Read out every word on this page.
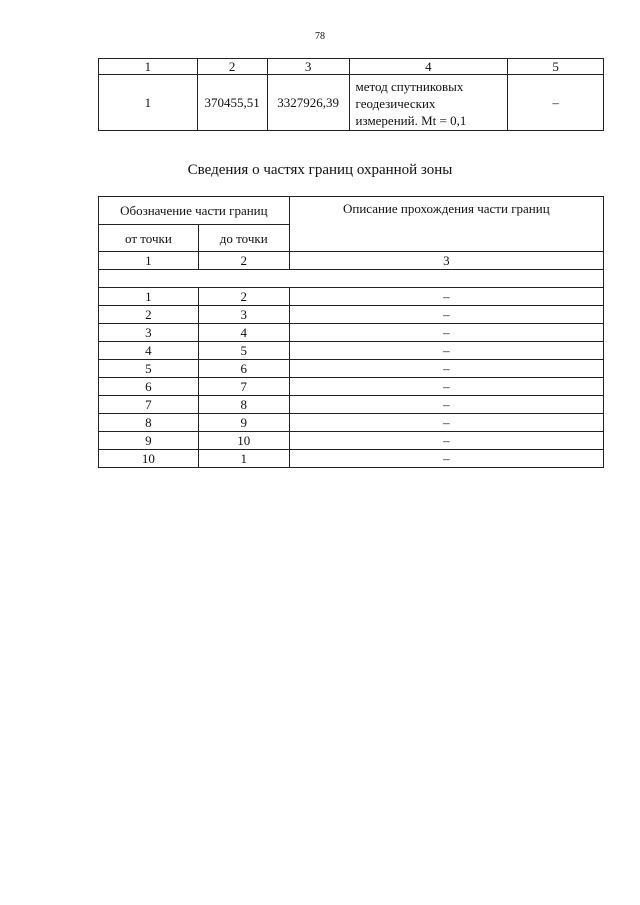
78
1	2	3	4	5
1	370455,51	3327926,39	метод спутниковых
геодезических
измерений. Mt = 0,1	–
Сведения о частях границ охранной зоны
Обозначение части границ		Описание прохождения части границ
от точки	до точки	
1	2	3

1	2	–
2	3	–
3	4	–
4	5	–
5	6	–
6	7	–
7	8	–
8	9	–
9	10	–
10	1	–
